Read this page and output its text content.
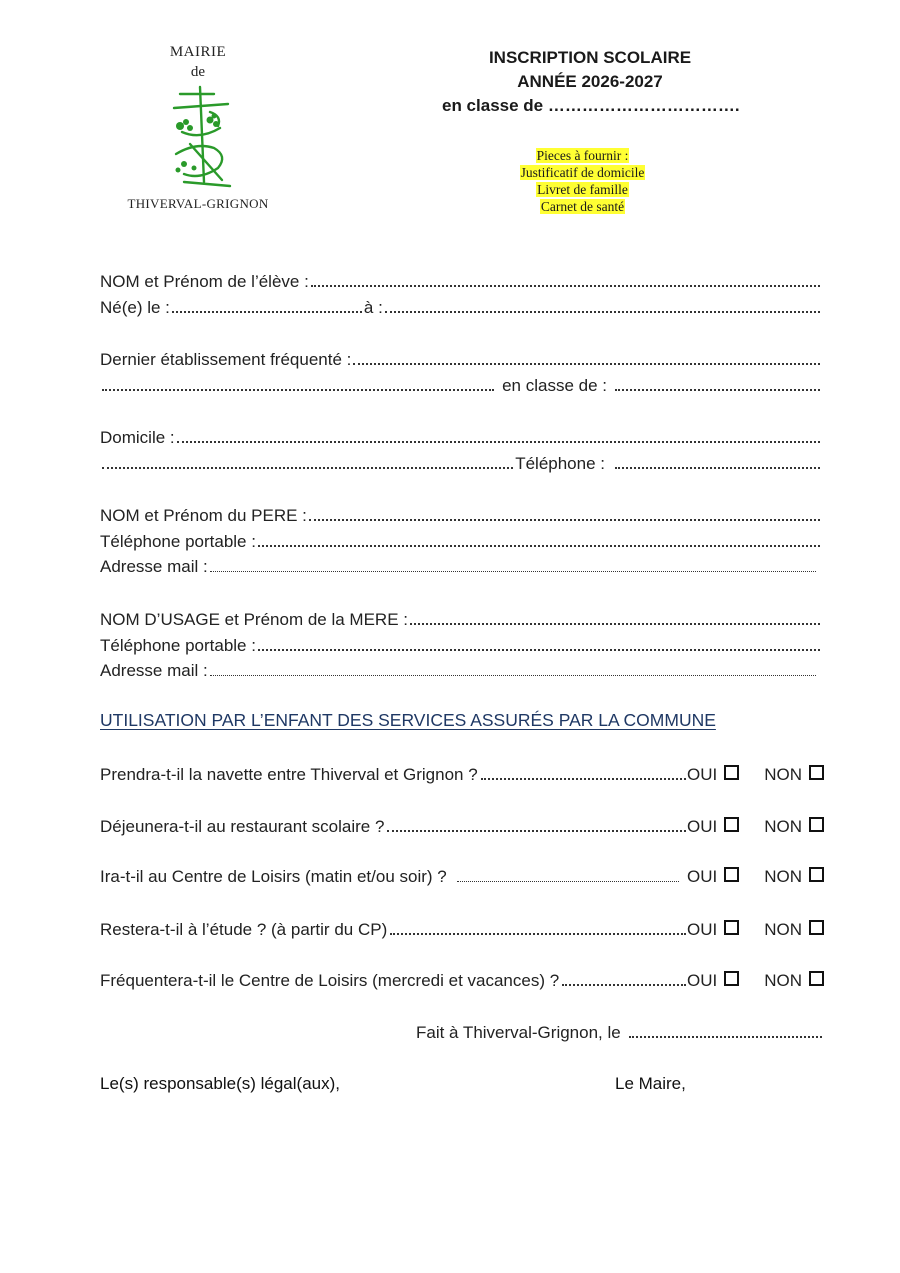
MAIRIE
de
THIVERVAL-GRIGNON
INSCRIPTION SCOLAIRE
ANNÉE 2026-2027
en classe de …………………………….
Pieces à fournir :
Justificatif de domicile
Livret de famille
Carnet de santé
NOM et Prénom de l’élève :
Né(e) le :	à :
Dernier établissement fréquenté :
en classe de :
Domicile :
Téléphone :
NOM et Prénom du PERE :
Téléphone portable :
Adresse mail :
NOM D’USAGE et Prénom de la MERE :
Téléphone portable :
Adresse mail :
UTILISATION PAR L’ENFANT DES SERVICES ASSURÉS PAR LA COMMUNE
Prendra-t-il la navette entre Thiverval et Grignon ?	OUI	NON
Déjeunera-t-il au restaurant scolaire ?	OUI	NON
Ira-t-il au Centre de Loisirs (matin et/ou soir) ?	OUI	NON
Restera-t-il à l’étude ? (à partir du CP)	OUI	NON
Fréquentera-t-il le Centre de Loisirs (mercredi et vacances) ?	OUI	NON
Fait à Thiverval-Grignon, le
Le(s) responsable(s) légal(aux),	Le Maire,
